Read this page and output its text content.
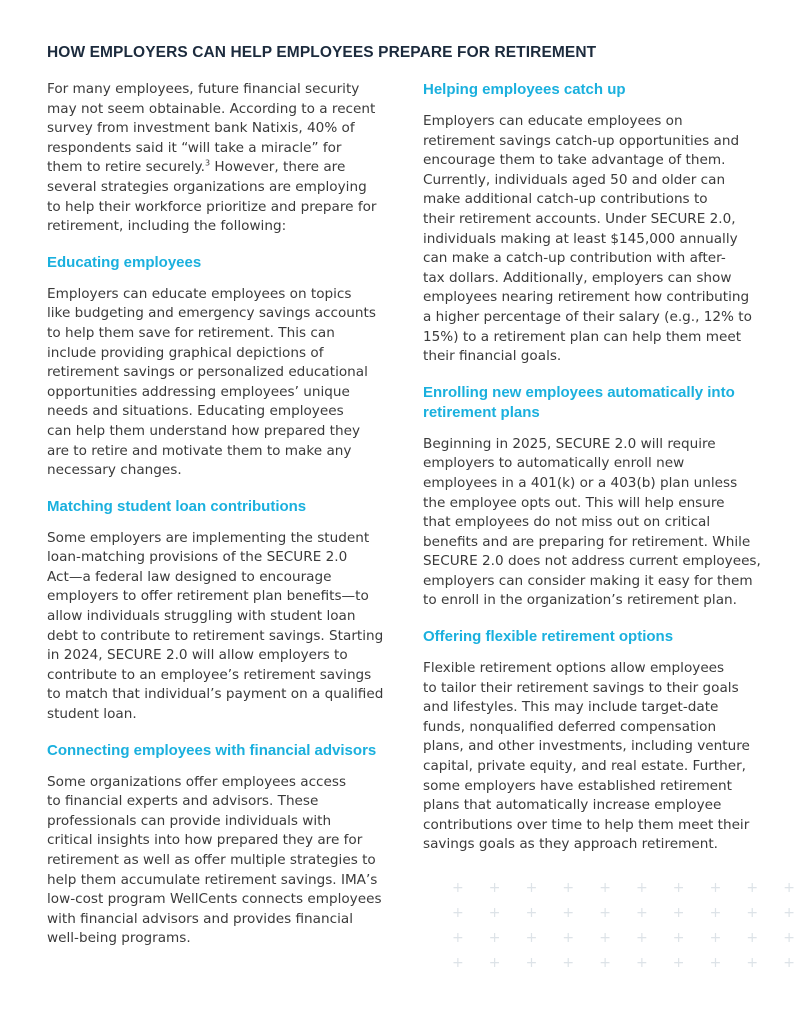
HOW EMPLOYERS CAN HELP EMPLOYEES PREPARE FOR RETIREMENT

For many employees, future financial security
may not seem obtainable. According to a recent
survey from investment bank Natixis, 40% of
respondents said it “will take a miracle” for
them to retire securely.$^3$ However, there are
several strategies organizations are employing
to help their workforce prioritize and prepare for
retirement, including the following:

Educating employees

Employers can educate employees on topics
like budgeting and emergency savings accounts
to help them save for retirement. This can
include providing graphical depictions of
retirement savings or personalized educational
opportunities addressing employees’ unique
needs and situations. Educating employees
can help them understand how prepared they
are to retire and motivate them to make any
necessary changes.

Matching student loan contributions

Some employers are implementing the student
loan-matching provisions of the SECURE 2.0
Act—a federal law designed to encourage
employers to offer retirement plan benefits—to
allow individuals struggling with student loan
debt to contribute to retirement savings. Starting
in 2024, SECURE 2.0 will allow employers to
contribute to an employee’s retirement savings
to match that individual’s payment on a qualified
student loan.

Connecting employees with financial advisors

Some organizations offer employees access
to financial experts and advisors. These
professionals can provide individuals with
critical insights into how prepared they are for
retirement as well as offer multiple strategies to
help them accumulate retirement savings. IMA’s
low-cost program WellCents connects employees
with financial advisors and provides financial
well-being programs.

Helping employees catch up

Employers can educate employees on
retirement savings catch-up opportunities and
encourage them to take advantage of them.
Currently, individuals aged 50 and older can
make additional catch-up contributions to
their retirement accounts. Under SECURE 2.0,
individuals making at least $145,000 annually
can make a catch-up contribution with after-
tax dollars. Additionally, employers can show
employees nearing retirement how contributing
a higher percentage of their salary (e.g., 12% to
15%) to a retirement plan can help them meet
their financial goals.

Enrolling new employees automatically into
retirement plans

Beginning in 2025, SECURE 2.0 will require
employers to automatically enroll new
employees in a 401(k) or a 403(b) plan unless
the employee opts out. This will help ensure
that employees do not miss out on critical
benefits and are preparing for retirement. While
SECURE 2.0 does not address current employees,
employers can consider making it easy for them
to enroll in the organization’s retirement plan.

Offering flexible retirement options

Flexible retirement options allow employees
to tailor their retirement savings to their goals
and lifestyles. This may include target-date
funds, nonqualified deferred compensation
plans, and other investments, including venture
capital, private equity, and real estate. Further,
some employers have established retirement
plans that automatically increase employee
contributions over time to help them meet their
savings goals as they approach retirement.

+ + + + + + + + + +
+ + + + + + + + + +
+ + + + + + + + + +
+ + + + + + + + + +
